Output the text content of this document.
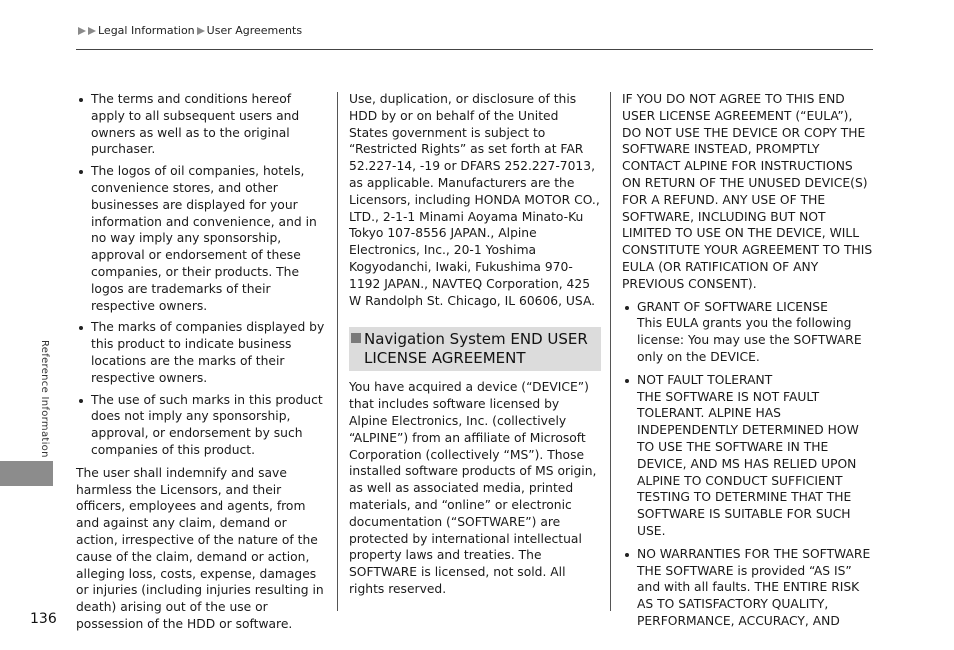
Legal Information User Agreements
Reference Information
136
The terms and conditions hereof apply to all subsequent users and owners as well as to the original purchaser.
The logos of oil companies, hotels, convenience stores, and other businesses are displayed for your information and convenience, and in no way imply any sponsorship, approval or endorsement of these companies, or their products. The logos are trademarks of their respective owners.
The marks of companies displayed by this product to indicate business locations are the marks of their respective owners.
The use of such marks in this product does not imply any sponsorship, approval, or endorsement by such companies of this product.

The user shall indemnify and save harmless the Licensors, and their officers, employees and agents, from and against any claim, demand or action, irrespective of the nature of the cause of the claim, demand or action, alleging loss, costs, expense, damages or injuries (including injuries resulting in death) arising out of the use or possession of the HDD or software.

Use, duplication, or disclosure of this HDD by or on behalf of the United States government is subject to “Restricted Rights” as set forth at FAR 52.227-14, -19 or DFARS 252.227-7013, as applicable. Manufacturers are the Licensors, including HONDA MOTOR CO., LTD., 2-1-1 Minami Aoyama Minato-Ku Tokyo 107-8556 JAPAN., Alpine Electronics, Inc., 20-1 Yoshima Kogyodanchi, Iwaki, Fukushima 970-1192 JAPAN., NAVTEQ Corporation, 425 W Randolph St. Chicago, IL 60606, USA.

Navigation System END USER LICENSE AGREEMENT

You have acquired a device (“DEVICE”) that includes software licensed by Alpine Electronics, Inc. (collectively “ALPINE”) from an affiliate of Microsoft Corporation (collectively “MS”). Those installed software products of MS origin, as well as associated media, printed materials, and “online” or electronic documentation (“SOFTWARE”) are protected by international intellectual property laws and treaties. The SOFTWARE is licensed, not sold. All rights reserved.

IF YOU DO NOT AGREE TO THIS END USER LICENSE AGREEMENT (“EULA”), DO NOT USE THE DEVICE OR COPY THE SOFTWARE INSTEAD, PROMPTLY CONTACT ALPINE FOR INSTRUCTIONS ON RETURN OF THE UNUSED DEVICE(S) FOR A REFUND. ANY USE OF THE SOFTWARE, INCLUDING BUT NOT LIMITED TO USE ON THE DEVICE, WILL CONSTITUTE YOUR AGREEMENT TO THIS EULA (OR RATIFICATION OF ANY PREVIOUS CONSENT).

GRANT OF SOFTWARE LICENSE

This EULA grants you the following license: You may use the SOFTWARE only on the DEVICE.

NOT FAULT TOLERANT

THE SOFTWARE IS NOT FAULT TOLERANT. ALPINE HAS INDEPENDENTLY DETERMINED HOW TO USE THE SOFTWARE IN THE DEVICE, AND MS HAS RELIED UPON ALPINE TO CONDUCT SUFFICIENT TESTING TO DETERMINE THAT THE SOFTWARE IS SUITABLE FOR SUCH USE.

NO WARRANTIES FOR THE SOFTWARE

THE SOFTWARE is provided “AS IS” and with all faults. THE ENTIRE RISK AS TO SATISFACTORY QUALITY, PERFORMANCE, ACCURACY, AND
